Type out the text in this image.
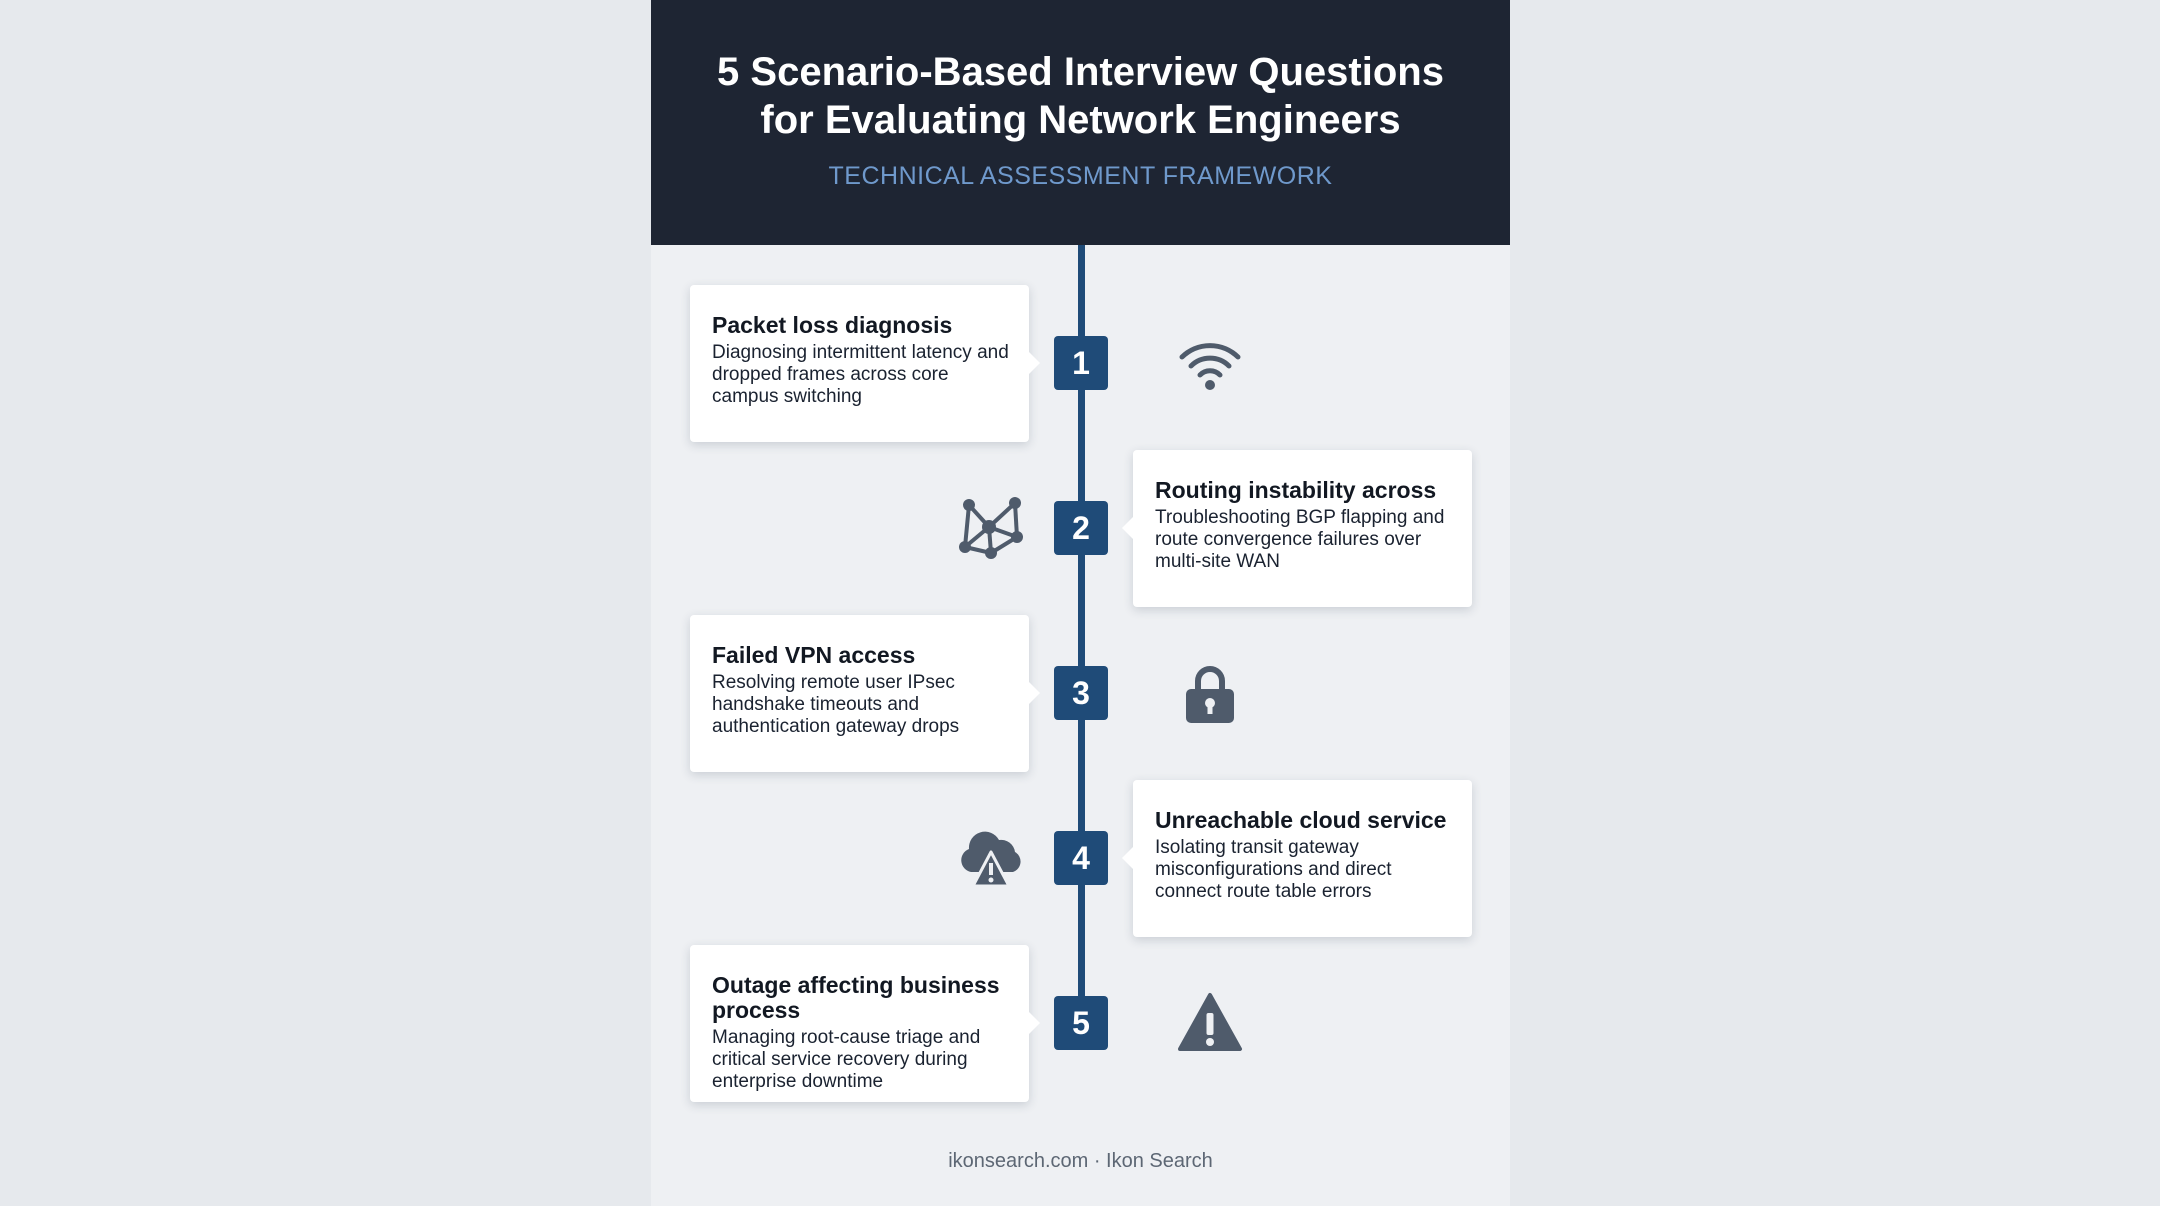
5 Scenario-Based Interview Questions
for Evaluating Network Engineers
TECHNICAL ASSESSMENT FRAMEWORK
Packet loss diagnosis
Diagnosing intermittent latency and dropped frames across core campus switching
1
2
Routing instability across
Troubleshooting BGP flapping and route convergence failures over multi-site WAN
Failed VPN access
Resolving remote user IPsec handshake timeouts and authentication gateway drops
3
4
Unreachable cloud service
Isolating transit gateway misconfigurations and direct connect route table errors
Outage affecting business process
Managing root-cause triage and critical service recovery during enterprise downtime
5
ikonsearch.com · Ikon Search
